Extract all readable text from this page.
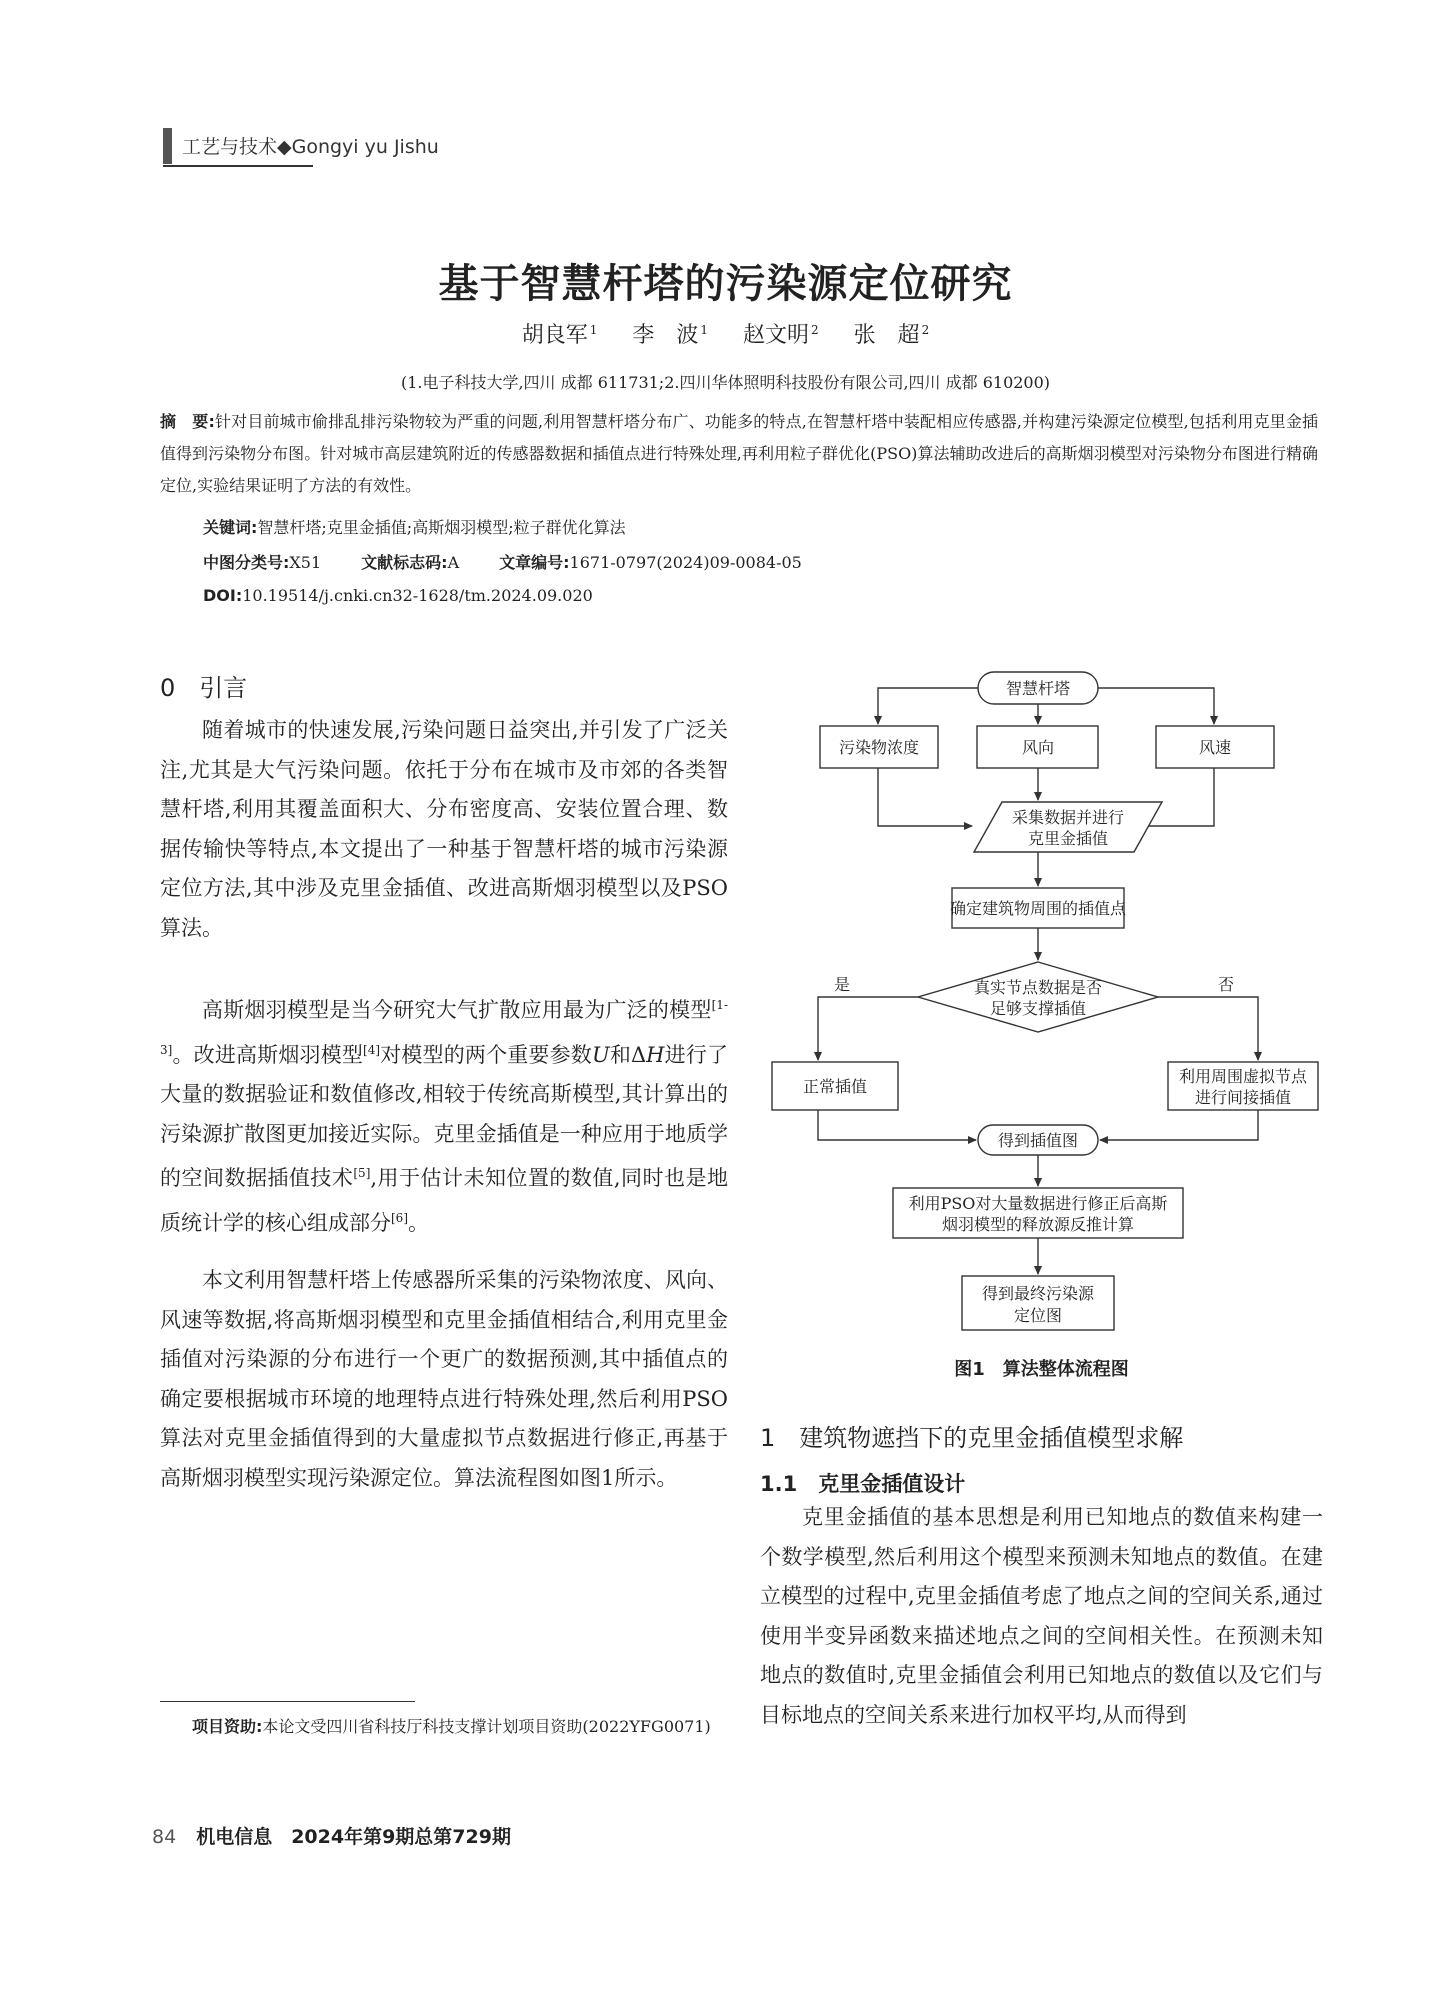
工艺与技术◆Gongyi yu Jishu
基于智慧杆塔的污染源定位研究
胡良军 $^1$ 李　波 $^1$ 赵文明 $^2$ 张　超 $^2$
(1.电子科技大学,四川 成都 611731;2.四川华体照明科技股份有限公司,四川 成都 610200)
摘　要:针对目前城市偷排乱排污染物较为严重的问题,利用智慧杆塔分布广、功能多的特点,在智慧杆塔中装配相应传感器,并构建污染源定位模型,包括利用克里金插值得到污染物分布图。针对城市高层建筑附近的传感器数据和插值点进行特殊处理,再利用粒子群优化(PSO)算法辅助改进后的高斯烟羽模型对污染物分布图进行精确定位,实验结果证明了方法的有效性。
关键词:智慧杆塔;克里金插值;高斯烟羽模型;粒子群优化算法
中图分类号:X51	文献标志码:A	文章编号:1671-0797(2024)09-0084-05
DOI:10.19514/j.cnki.cn32-1628/tm.2024.09.020
0　引言

随着城市的快速发展,污染问题日益突出,并引发了广泛关注,尤其是大气污染问题。依托于分布在城市及市郊的各类智慧杆塔,利用其覆盖面积大、分布密度高、安装位置合理、数据传输快等特点,本文提出了一种基于智慧杆塔的城市污染源定位方法,其中涉及克里金插值、改进高斯烟羽模型以及PSO算法。

高斯烟羽模型是当今研究大气扩散应用最为广泛的模型[1-3]。改进高斯烟羽模型[4]对模型的两个重要参数U和ΔH进行了大量的数据验证和数值修改,相较于传统高斯模型,其计算出的污染源扩散图更加接近实际。克里金插值是一种应用于地质学的空间数据插值技术[5],用于估计未知位置的数值,同时也是地质统计学的核心组成部分[6]。

本文利用智慧杆塔上传感器所采集的污染物浓度、风向、风速等数据,将高斯烟羽模型和克里金插值相结合,利用克里金插值对污染源的分布进行一个更广的数据预测,其中插值点的确定要根据城市环境的地理特点进行特殊处理,然后利用PSO算法对克里金插值得到的大量虚拟节点数据进行修正,再基于高斯烟羽模型实现污染源定位。算法流程图如图1所示。

项目资助:本论文受四川省科技厅科技支撑计划项目资助(2022YFG0071)
84 机电信息　2024年第9期总第729期
智慧杆塔
污染物浓度	风向	风速
采集数据并进行
克里金插值
确定建筑物周围的插值点
真实节点数据是否
足够支撑插值
是	否
正常插值
利用周围虚拟节点
进行间接插值
得到插值图
利用PSO对大量数据进行修正后高斯
烟羽模型的释放源反推计算
得到最终污染源
定位图
图1　算法整体流程图
1　建筑物遮挡下的克里金插值模型求解
1.1　克里金插值设计

克里金插值的基本思想是利用已知地点的数值来构建一个数学模型,然后利用这个模型来预测未知地点的数值。在建立模型的过程中,克里金插值考虑了地点之间的空间关系,通过使用半变异函数来描述地点之间的空间相关性。在预测未知地点的数值时,克里金插值会利用已知地点的数值以及它们与目标地点的空间关系来进行加权平均,从而得到
